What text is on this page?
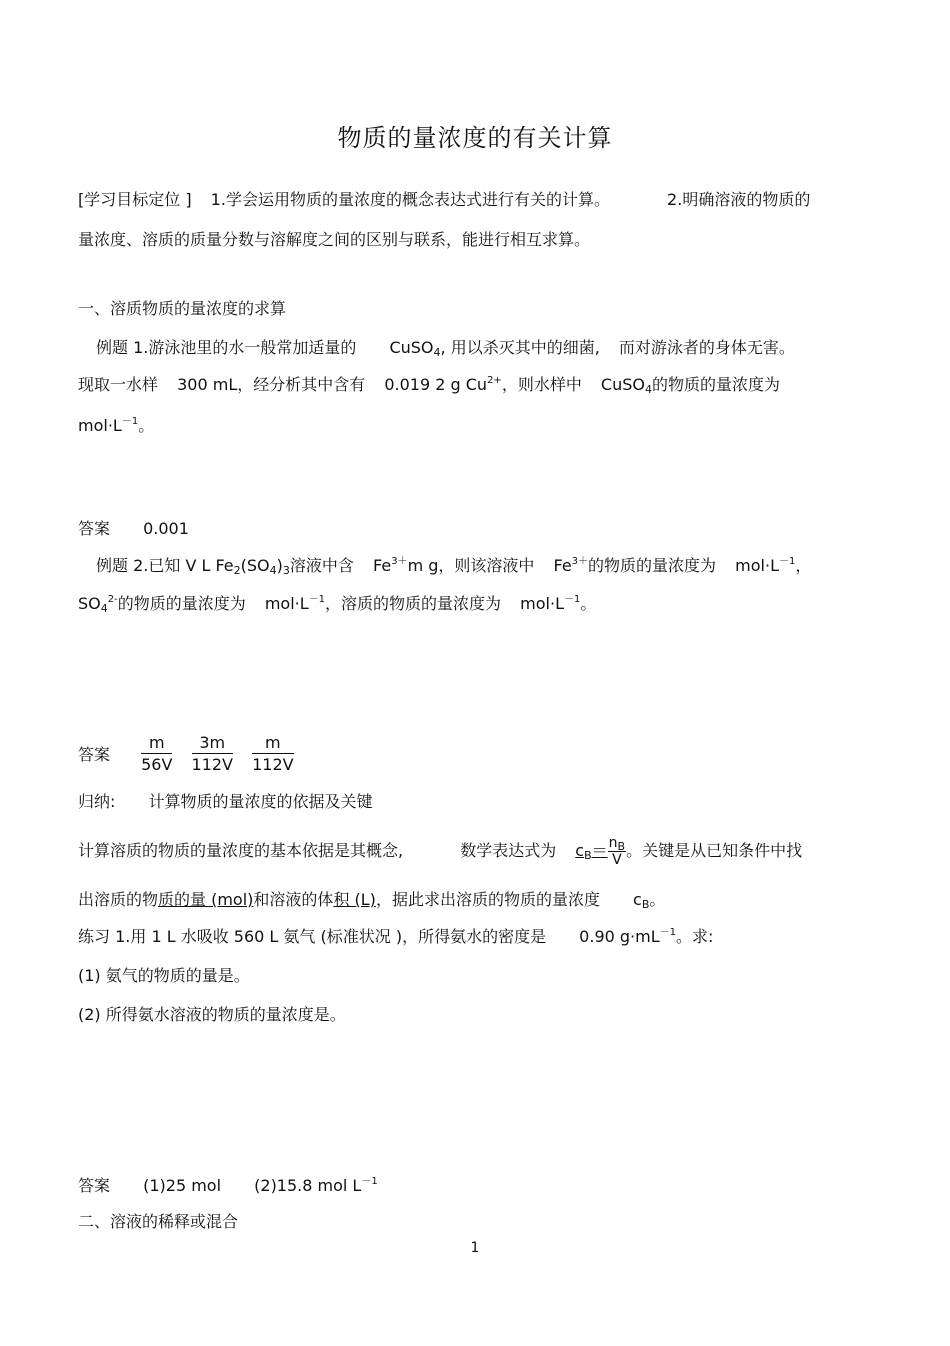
物质的量浓度的有关计算
[学习目标定位 ] 1.学会运用物质的量浓度的概念表达式进行有关的计算。	2.明确溶液的物质的
量浓度、溶质的质量分数与溶解度之间的区别与联系，能进行相互求算。
一、溶质物质的量浓度的求算
例题 1.游泳池里的水一般常加适量的 CuSO$_4$, 用以杀灭其中的细菌, 而对游泳者的身体无害。
现取一水样 300 mL，经分析其中含有 0.019 2 g $Cu^{2+}$，则水样中 CuSO$_4$的物质的量浓度为
$mol\cdot L^{-1}$。
答案 0.001
例题 2.已知 V L $Fe_2(SO_4)_3$溶液中含 $Fe^{3+}m$ g，则该溶液中 $Fe^{3+}$的物质的量浓度为 $mol\cdot L^{-1}$，
$SO_4^{2-}$的物质的量浓度为 $mol\cdot L^{-1}$，溶质的物质的量浓度为 $mol\cdot L^{-1}$。
答案 $\frac{m}{56V}$
$\frac{3m}{112V}$
$\frac{m}{112V}$
归纳: 计算物质的量浓度的依据及关键
计算溶质的物质的量浓度的基本依据是其概念,	数学表达式为 $c_B= \frac{n_B}{V}$ 。关键是从已知条件中找
出溶质的物质的量 (mol)和溶液的体积 (L)，据此求出溶质的物质的量浓度 $c_B$。
练习 1.用 1 L 水吸收 560 L 氨气 (标准状况 )，所得氨水的密度是 0.90 $g\cdot mL^{-1}$。求:
(1) 氨气的物质的量是。
(2) 所得氨水溶液的物质的量浓度是。
答案 (1)25 mol (2)15.8 mol $L^{-1}$
二、溶液的稀释或混合
1
